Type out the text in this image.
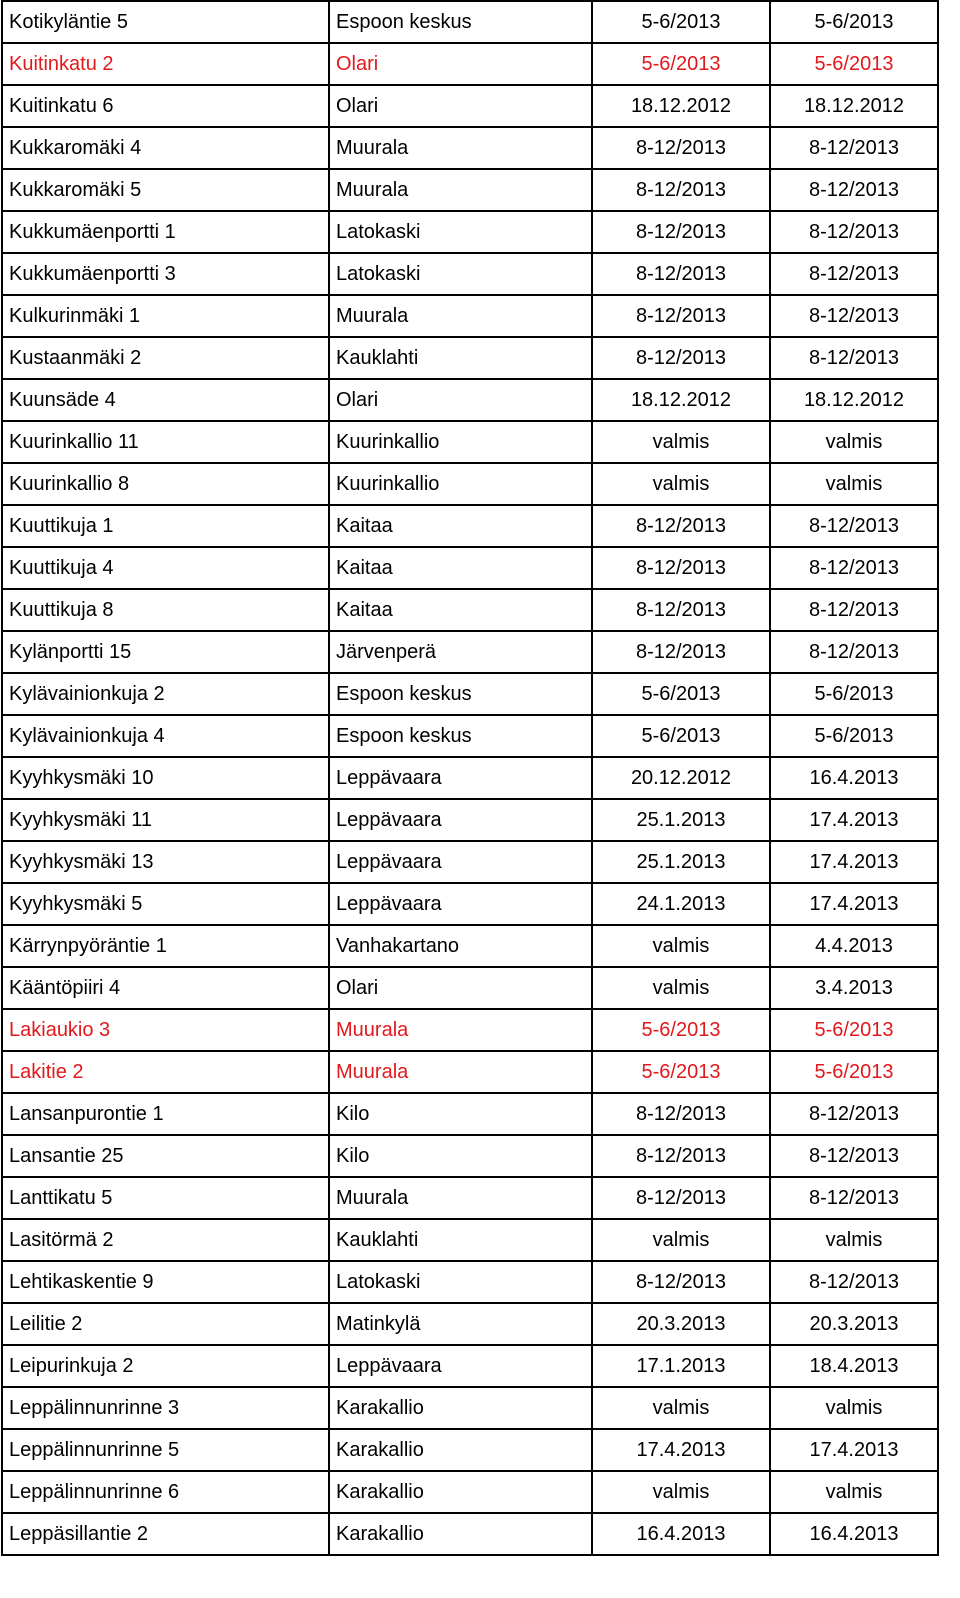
Kotikyläntie 5	Espoon keskus	5-6/2013	5-6/2013
Kuitinkatu 2	Olari	5-6/2013	5-6/2013
Kuitinkatu 6	Olari	18.12.2012	18.12.2012
Kukkaromäki 4	Muurala	8-12/2013	8-12/2013
Kukkaromäki 5	Muurala	8-12/2013	8-12/2013
Kukkumäenportti 1	Latokaski	8-12/2013	8-12/2013
Kukkumäenportti 3	Latokaski	8-12/2013	8-12/2013
Kulkurinmäki 1	Muurala	8-12/2013	8-12/2013
Kustaanmäki 2	Kauklahti	8-12/2013	8-12/2013
Kuunsäde 4	Olari	18.12.2012	18.12.2012
Kuurinkallio 11	Kuurinkallio	valmis	valmis
Kuurinkallio 8	Kuurinkallio	valmis	valmis
Kuuttikuja 1	Kaitaa	8-12/2013	8-12/2013
Kuuttikuja 4	Kaitaa	8-12/2013	8-12/2013
Kuuttikuja 8	Kaitaa	8-12/2013	8-12/2013
Kylänportti 15	Järvenperä	8-12/2013	8-12/2013
Kylävainionkuja 2	Espoon keskus	5-6/2013	5-6/2013
Kylävainionkuja 4	Espoon keskus	5-6/2013	5-6/2013
Kyyhkysmäki 10	Leppävaara	20.12.2012	16.4.2013
Kyyhkysmäki 11	Leppävaara	25.1.2013	17.4.2013
Kyyhkysmäki 13	Leppävaara	25.1.2013	17.4.2013
Kyyhkysmäki 5	Leppävaara	24.1.2013	17.4.2013
Kärrynpyöräntie 1	Vanhakartano	valmis	4.4.2013
Kääntöpiiri 4	Olari	valmis	3.4.2013
Lakiaukio 3	Muurala	5-6/2013	5-6/2013
Lakitie 2	Muurala	5-6/2013	5-6/2013
Lansanpurontie 1	Kilo	8-12/2013	8-12/2013
Lansantie 25	Kilo	8-12/2013	8-12/2013
Lanttikatu 5	Muurala	8-12/2013	8-12/2013
Lasitörmä 2	Kauklahti	valmis	valmis
Lehtikaskentie 9	Latokaski	8-12/2013	8-12/2013
Leilitie 2	Matinkylä	20.3.2013	20.3.2013
Leipurinkuja 2	Leppävaara	17.1.2013	18.4.2013
Leppälinnunrinne 3	Karakallio	valmis	valmis
Leppälinnunrinne 5	Karakallio	17.4.2013	17.4.2013
Leppälinnunrinne 6	Karakallio	valmis	valmis
Leppäsillantie 2	Karakallio	16.4.2013	16.4.2013
